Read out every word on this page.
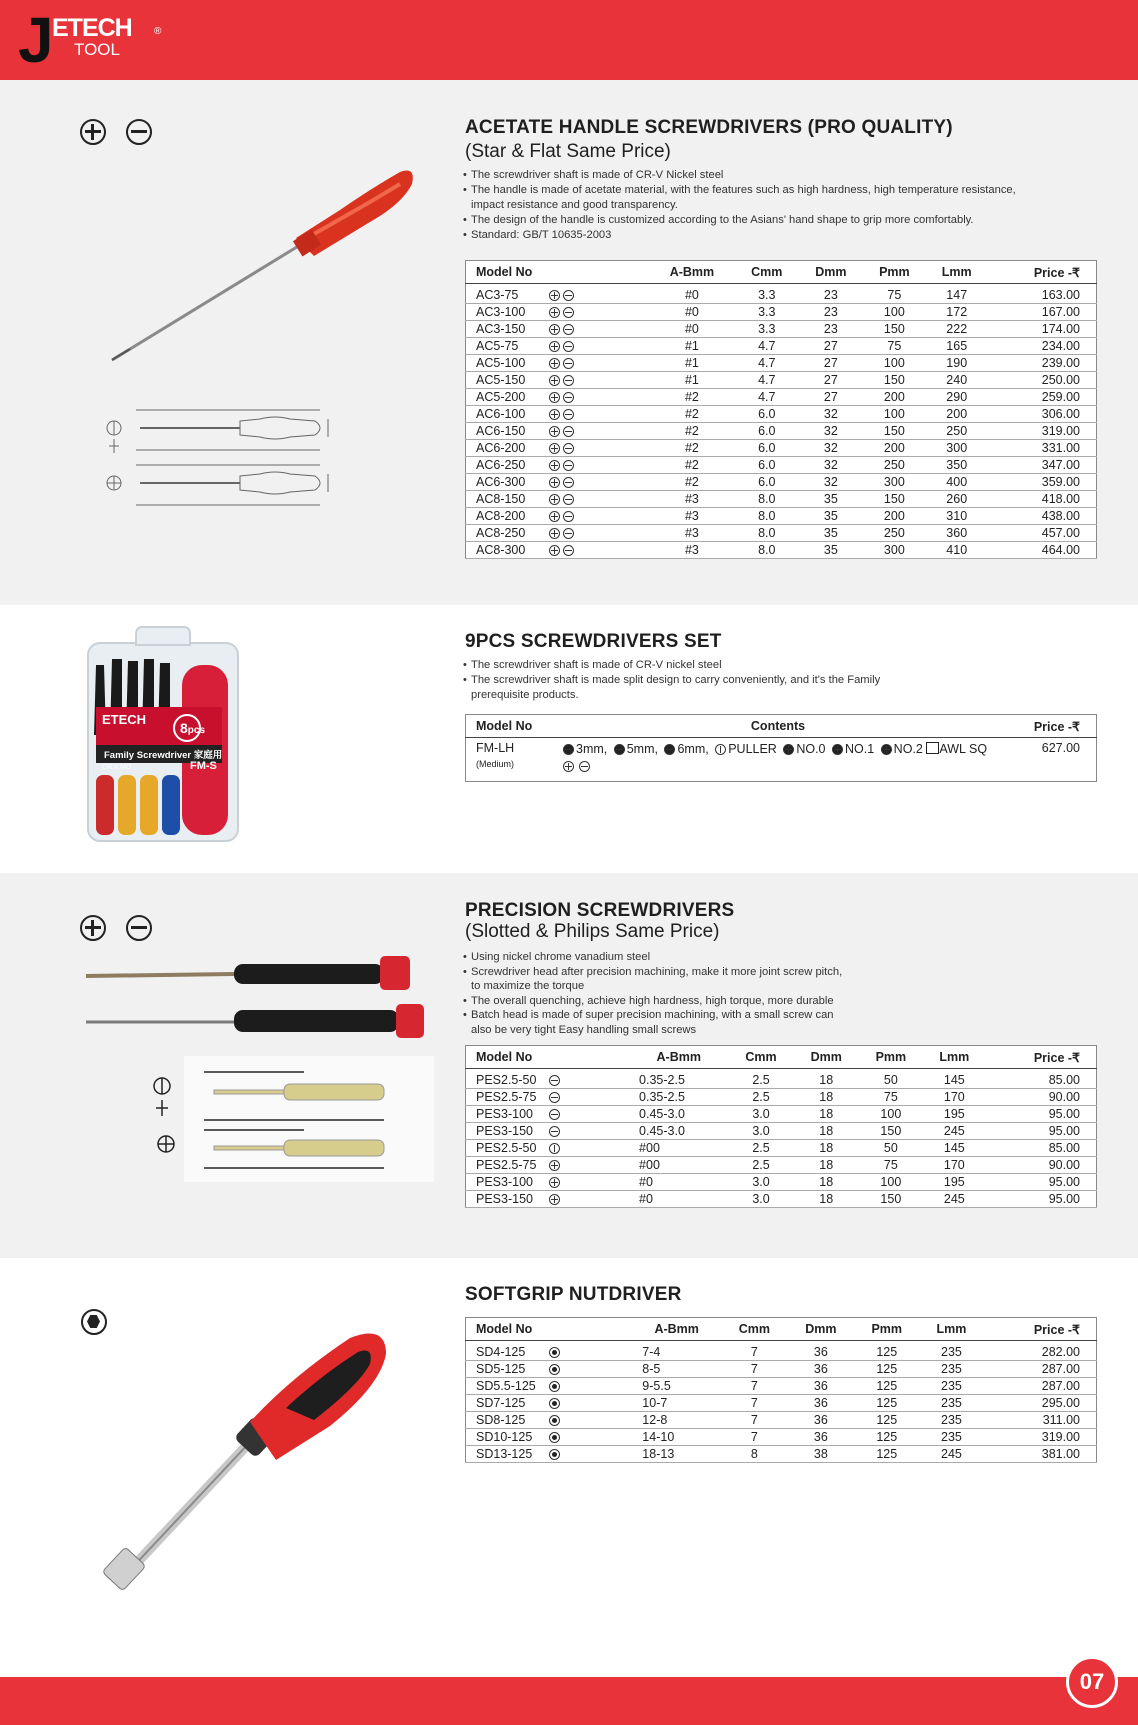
J
ETECH
TOOL
®
ACETATE HANDLE SCREWDRIVERS (PRO QUALITY)
(Star & Flat Same Price)
• The screwdriver shaft is made of CR-V Nickel steel
• The handle is made of acetate material, with the features such as high hardness, high temperature resistance,
impact resistance and good transparency.
• The design of the handle is customized according to the Asians' hand shape to grip more comfortably.
• Standard: GB/T 10635-2003
Model No	A-Bmm	Cmm	Dmm	Pmm	Lmm	Price -₹

AC3-75	#0	3.3	23	75	147	163.00
AC3-100	#0	3.3	23	100	172	167.00
AC3-150	#0	3.3	23	150	222	174.00
AC5-75	#1	4.7	27	75	165	234.00
AC5-100	#1	4.7	27	100	190	239.00
AC5-150	#1	4.7	27	150	240	250.00
AC5-200	#2	4.7	27	200	290	259.00
AC6-100	#2	6.0	32	100	200	306.00
AC6-150	#2	6.0	32	150	250	319.00
AC6-200	#2	6.0	32	200	300	331.00
AC6-250	#2	6.0	32	250	350	347.00
AC6-300	#2	6.0	32	300	400	359.00
AC8-150	#3	8.0	35	150	260	418.00
AC8-200	#3	8.0	35	200	310	438.00
AC8-250	#3	8.0	35	250	360	457.00
AC8-300	#3	8.0	35	300	410	464.00
ETECH
8pcs
Family Screwdriver 家庭用
CR.V.MO	FM-S
9PCS SCREWDRIVERS SET
• The screwdriver shaft is made of CR-V nickel steel
• The screwdriver shaft is made split design to carry conveniently, and it's the Family
prerequisite products.
Model No	Contents	Price -₹

FM-LH
(Medium)	3mm, 5mm, 6mm, PULLER NO.0 NO.1 NO.2 AWL SQ	627.00
PRECISION SCREWDRIVERS
(Slotted & Philips Same Price)
• Using nickel chrome vanadium steel
• Screwdriver head after precision machining, make it more joint screw pitch,
to maximize the torque
• The overall quenching, achieve high hardness, high torque, more durable
• Batch head is made of super precision machining, with a small screw can
also be very tight Easy handling small screws
Model No	A-Bmm	Cmm	Dmm	Pmm	Lmm	Price -₹

PES2.5-50	0.35-2.5	2.5	18	50	145	85.00
PES2.5-75	0.35-2.5	2.5	18	75	170	90.00
PES3-100	0.45-3.0	3.0	18	100	195	95.00
PES3-150	0.45-3.0	3.0	18	150	245	95.00
PES2.5-50	#00	2.5	18	50	145	85.00
PES2.5-75	#00	2.5	18	75	170	90.00
PES3-100	#0	3.0	18	100	195	95.00
PES3-150	#0	3.0	18	150	245	95.00
SOFTGRIP NUTDRIVER
Model No	A-Bmm	Cmm	Dmm	Pmm	Lmm	Price -₹

SD4-125	7-4	7	36	125	235	282.00
SD5-125	8-5	7	36	125	235	287.00
SD5.5-125	9-5.5	7	36	125	235	287.00
SD7-125	10-7	7	36	125	235	295.00
SD8-125	12-8	7	36	125	235	311.00
SD10-125	14-10	7	36	125	235	319.00
SD13-125	18-13	8	38	125	245	381.00
07
